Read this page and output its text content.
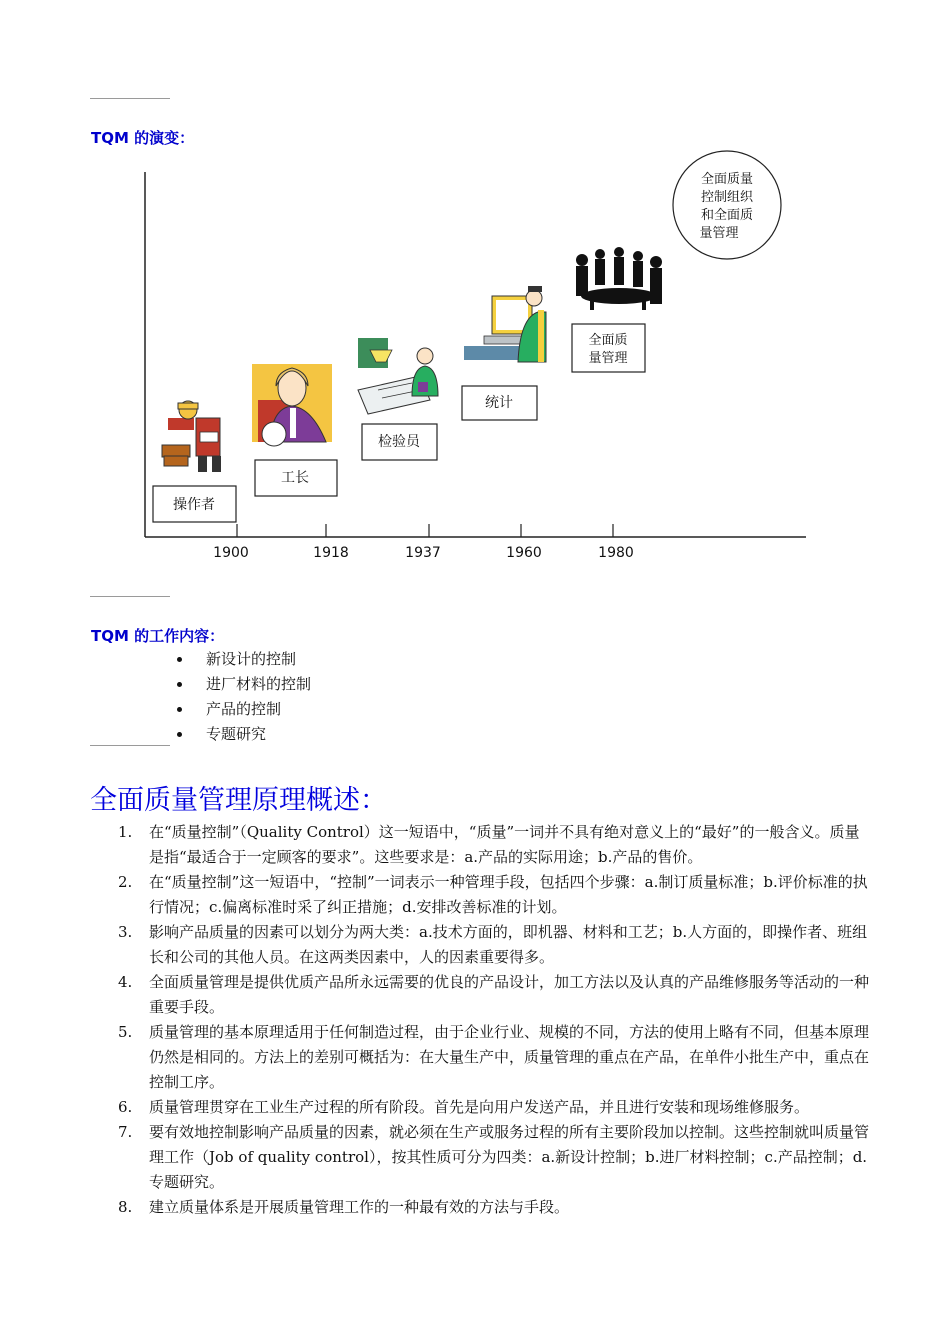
TQM 的演变：
1900	1918	1937	1960	1980
操作者
工长
检验员
统计
全面质
量管理
全面质量
控制组织
和全面质
量管理
TQM 的工作内容：
新设计的控制
进厂材料的控制
产品的控制
专题研究
全面质量管理原理概述：
1. 在“质量控制”（Quality Control）这一短语中，“质量”一词并不具有绝对意义上的“最好”的一般含义。质量是指“最适合于一定顾客的要求”。这些要求是：a.产品的实际用途；b.产品的售价。
2. 在“质量控制”这一短语中，“控制”一词表示一种管理手段，包括四个步骤：a.制订质量标准；b.评价标准的执行情况；c.偏离标准时采了纠正措施；d.安排改善标准的计划。
3. 影响产品质量的因素可以划分为两大类：a.技术方面的，即机器、材料和工艺；b.人方面的，即操作者、班组长和公司的其他人员。在这两类因素中，人的因素重要得多。
4. 全面质量管理是提供优质产品所永远需要的优良的产品设计，加工方法以及认真的产品维修服务等活动的一种重要手段。
5. 质量管理的基本原理适用于任何制造过程，由于企业行业、规模的不同，方法的使用上略有不同，但基本原理仍然是相同的。方法上的差别可概括为：在大量生产中，质量管理的重点在产品，在单件小批生产中，重点在控制工序。
6. 质量管理贯穿在工业生产过程的所有阶段。首先是向用户发送产品，并且进行安装和现场维修服务。
7. 要有效地控制影响产品质量的因素，就必须在生产或服务过程的所有主要阶段加以控制。这些控制就叫质量管理工作（Job of quality control），按其性质可分为四类：a.新设计控制；b.进厂材料控制；c.产品控制；d.专题研究。
8. 建立质量体系是开展质量管理工作的一种最有效的方法与手段。
